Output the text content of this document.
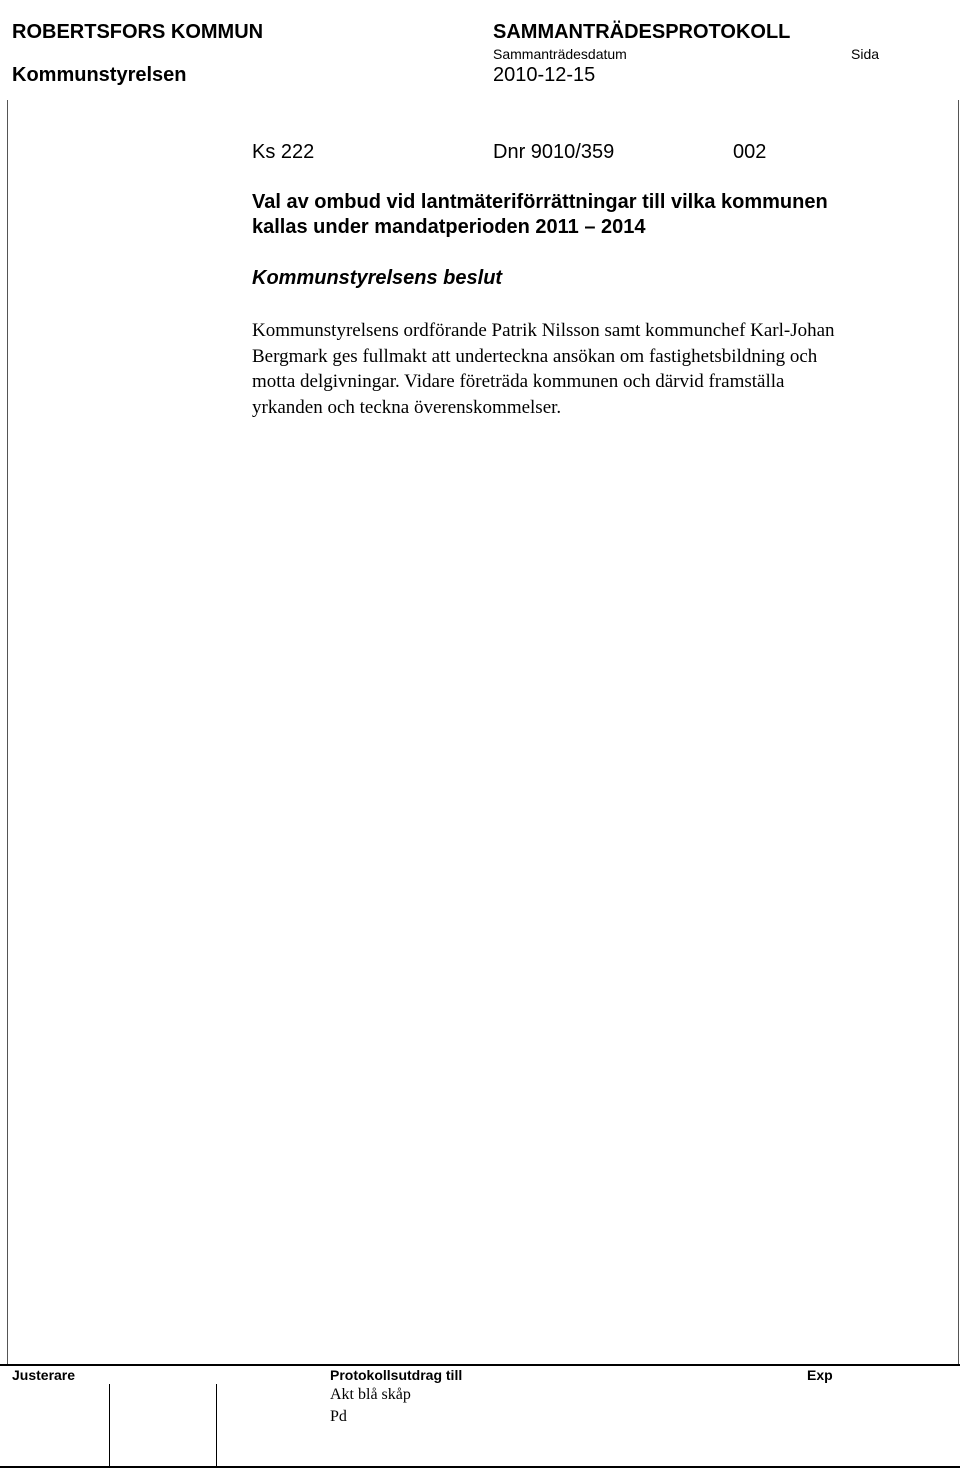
ROBERTSFORS KOMMUN
Kommunstyrelsen
SAMMANTRÄDESPROTOKOLL
Sammanträdesdatum	Sida
2010-12-15
Ks 222	Dnr 9010/359	002
Val av ombud vid lantmäteriförrättningar till vilka kommunen
kallas under mandatperioden 2011 – 2014
Kommunstyrelsens beslut
Kommunstyrelsens ordförande Patrik Nilsson samt kommunchef Karl-Johan
Bergmark ges fullmakt att underteckna ansökan om fastighetsbildning och
motta delgivningar. Vidare företräda kommunen och därvid framställa
yrkanden och teckna överenskommelser.
Justerare	Protokollsutdrag till	Exp
Akt blå skåp
Pd
